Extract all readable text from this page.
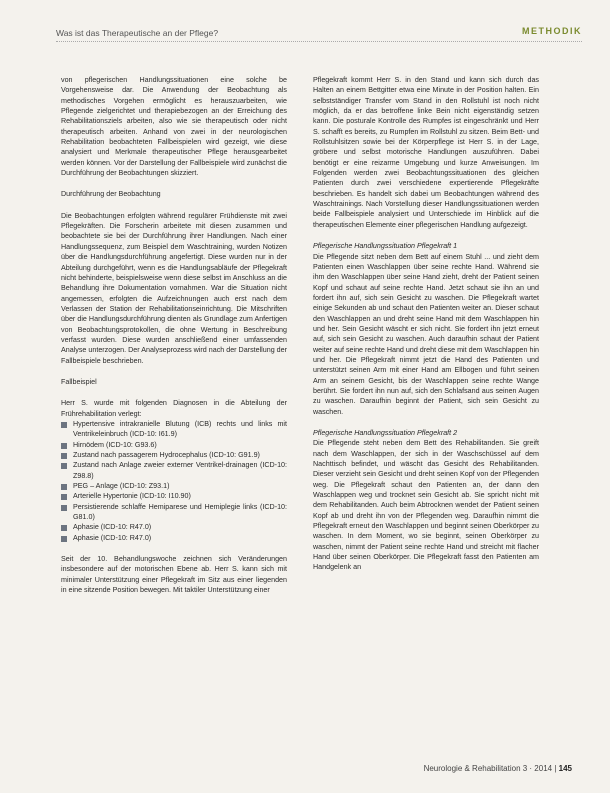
Was ist das Therapeutische an der Pflege?	METHODIK

von pflegerischen Handlungssituationen eine solche be Vorgehensweise dar. Die Anwendung der Beobachtung als methodisches Vorgehen ermöglicht es herauszuarbeiten, wie Pflegende zielgerichtet und therapiebezogen an der Erreichung des Rehabilitationsziels arbeiten, also wie sie therapeutisch oder nicht therapeutisch arbeiten. Anhand von zwei in der neurologischen Rehabilitation beobachteten Fallbeispielen wird gezeigt, wie diese analysiert und Merkmale therapeutischer Pflege herausgearbeitet werden können. Vor der Darstellung der Fallbeispiele wird zunächst die Durchführung der Beobachtungen skizziert.

Durchführung der Beobachtung

Die Beobachtungen erfolgten während regulärer Frühdienste mit zwei Pflegekräften. Die Forscherin arbeitete mit diesen zusammen und beobachtete sie bei der Durchführung ihrer Handlungen. Nach einer Handlungssequenz, zum Beispiel dem Waschtraining, wurden Notizen über die Handlungsdurchführung angefertigt. Diese wurden nur in der Abteilung durchgeführt, wenn es die Handlungsabläufe der Pflegekraft nicht behinderte, beispielsweise wenn diese selbst im Anschluss an die Behandlung ihre Dokumentation vornahmen. War die Situation nicht angemessen, erfolgten die Aufzeichnungen auch erst nach dem Verlassen der Station der Rehabilitationseinrichtung. Die Mitschriften über die Handlungsdurchführung dienten als Grundlage zum Anfertigen von Beobachtungsprotokollen, die ohne Wertung in Beschreibung verfasst wurden. Diese wurden anschließend einer umfassenden Analyse unterzogen. Der Analyseprozess wird nach der Darstellung der Fallbeispiele beschrieben.

Fallbeispiel

Herr S. wurde mit folgenden Diagnosen in die Abteilung der Frührehabilitation verlegt:

Hypertensive intrakranielle Blutung (ICB) rechts und links mit Ventrikeleinbruch (ICD-10: I61.9)
Hirnödem (ICD-10: G93.6)
Zustand nach passagerem Hydrocephalus (ICD-10: G91.9)
Zustand nach Anlage zweier externer Ventrikel-drainagen (ICD-10: Z98.8)
PEG – Anlage (ICD-10: Z93.1)
Arterielle Hypertonie (ICD-10: I10.90)
Persistierende schlaffe Hemiparese und Hemiplegie links (ICD-10: G81.0)
Aphasie (ICD-10: R47.0)
Aphasie (ICD-10: R47.0)

Seit der 10. Behandlungswoche zeichnen sich Veränderungen insbesondere auf der motorischen Ebene ab. Herr S. kann sich mit minimaler Unterstützung einer Pflegekraft im Sitz aus einer liegenden in eine sitzende Position bewegen. Mit taktiler Unterstützung einer

Pflegekraft kommt Herr S. in den Stand und kann sich durch das Halten an einem Bettgitter etwa eine Minute in der Position halten. Ein selbstständiger Transfer vom Stand in den Rollstuhl ist noch nicht möglich, da er das betroffene linke Bein nicht eigenständig setzen kann. Die posturale Kontrolle des Rumpfes ist eingeschränkt und Herr S. schafft es bereits, zu Rumpfen im Rollstuhl zu sitzen. Beim Bett- und Rollstuhlsitzen sowie bei der Körperpflege ist Herr S. in der Lage, gröbere und selbst motorische Handlungen auszuführen. Dabei benötigt er eine reizarme Umgebung und kurze Anweisungen. Im Folgenden werden zwei Beobachtungssituationen des gleichen Patienten durch zwei verschiedene expertierende Pflegekräfte beschrieben. Es handelt sich dabei um Beobachtungen während des Waschtrainings. Nach Vorstellung dieser Handlungssituationen werden beide Fallbeispiele analysiert und Unterschiede im Hinblick auf die therapeutischen Elemente einer pflegerischen Handlung aufgezeigt.

Pflegerische Handlungssituation Pflegekraft 1

Die Pflegende sitzt neben dem Bett auf einem Stuhl ... und zieht dem Patienten einen Waschlappen über seine rechte Hand. Während sie ihm den Waschlappen über seine Hand zieht, dreht der Patient seinen Kopf und schaut auf seine rechte Hand. Jetzt schaut sie ihn an und fordert ihn auf, sich sein Gesicht zu waschen. Die Pflegekraft wartet einige Sekunden ab und schaut den Patienten weiter an. Dieser schaut den Waschlappen an und dreht seine Hand mit dem Waschlappen hin und her. Sein Gesicht wäscht er sich nicht. Sie fordert ihn jetzt erneut auf, sich sein Gesicht zu waschen. Auch daraufhin schaut der Patient weiter auf seine rechte Hand und dreht diese mit dem Waschlappen hin und her. Die Pflegekraft nimmt jetzt die Hand des Patienten und unterstützt seinen Arm mit einer Hand am Ellbogen und führt seinen Arm an seinem Gesicht, bis der Waschlappen seine rechte Wange berührt. Sie fordert ihn nun auf, sich den Schlafsand aus seinen Augen zu waschen. Daraufhin beginnt der Patient, sich sein Gesicht zu waschen.

Pflegerische Handlungssituation Pflegekraft 2

Die Pflegende steht neben dem Bett des Rehabilitanden. Sie greift nach dem Waschlappen, der sich in der Waschschüssel auf dem Nachttisch befindet, und wäscht das Gesicht des Rehabilitanden. Dieser verzieht sein Gesicht und dreht seinen Kopf von der Pflegenden weg. Die Pflegekraft schaut den Patienten an, der dann den Waschlappen weg und trocknet sein Gesicht ab. Sie spricht nicht mit dem Rehabilitanden. Auch beim Abtrocknen wendet der Patient seinen Kopf ab und dreht ihn von der Pflegenden weg. Daraufhin nimmt die Pflegekraft erneut den Waschlappen und beginnt seinen Oberkörper zu waschen. In dem Moment, wo sie beginnt, seinen Oberkörper zu waschen, nimmt der Patient seine rechte Hand und streicht mit flacher Hand über seinen Oberkörper. Die Pflegekraft fasst den Patienten am Handgelenk an

Neurologie & Rehabilitation 3 · 2014 | 145
